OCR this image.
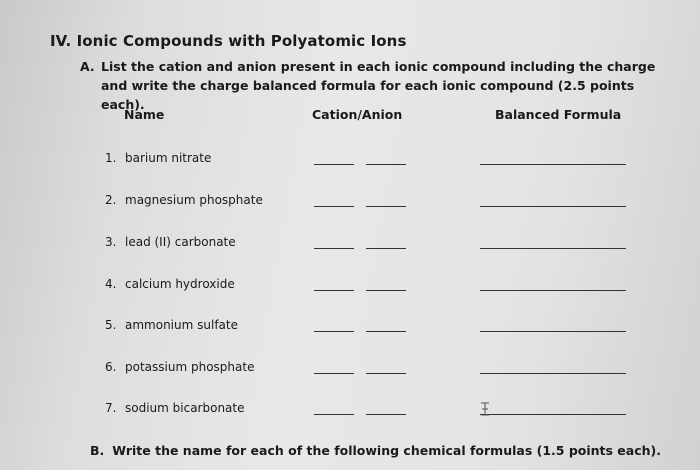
IV. Ionic Compounds with Polyatomic Ions
A. List the cation and anion present in each ionic compound including the charge and write the charge balanced formula for each ionic compound (2.5 points each).
Name	Cation/Anion	Balanced Formula
1. barium nitrate
2. magnesium phosphate
3. lead (II) carbonate
4. calcium hydroxide
5. ammonium sulfate
6. potassium phosphate
7. sodium bicarbonate
B. Write the name for each of the following chemical formulas (1.5 points each).
